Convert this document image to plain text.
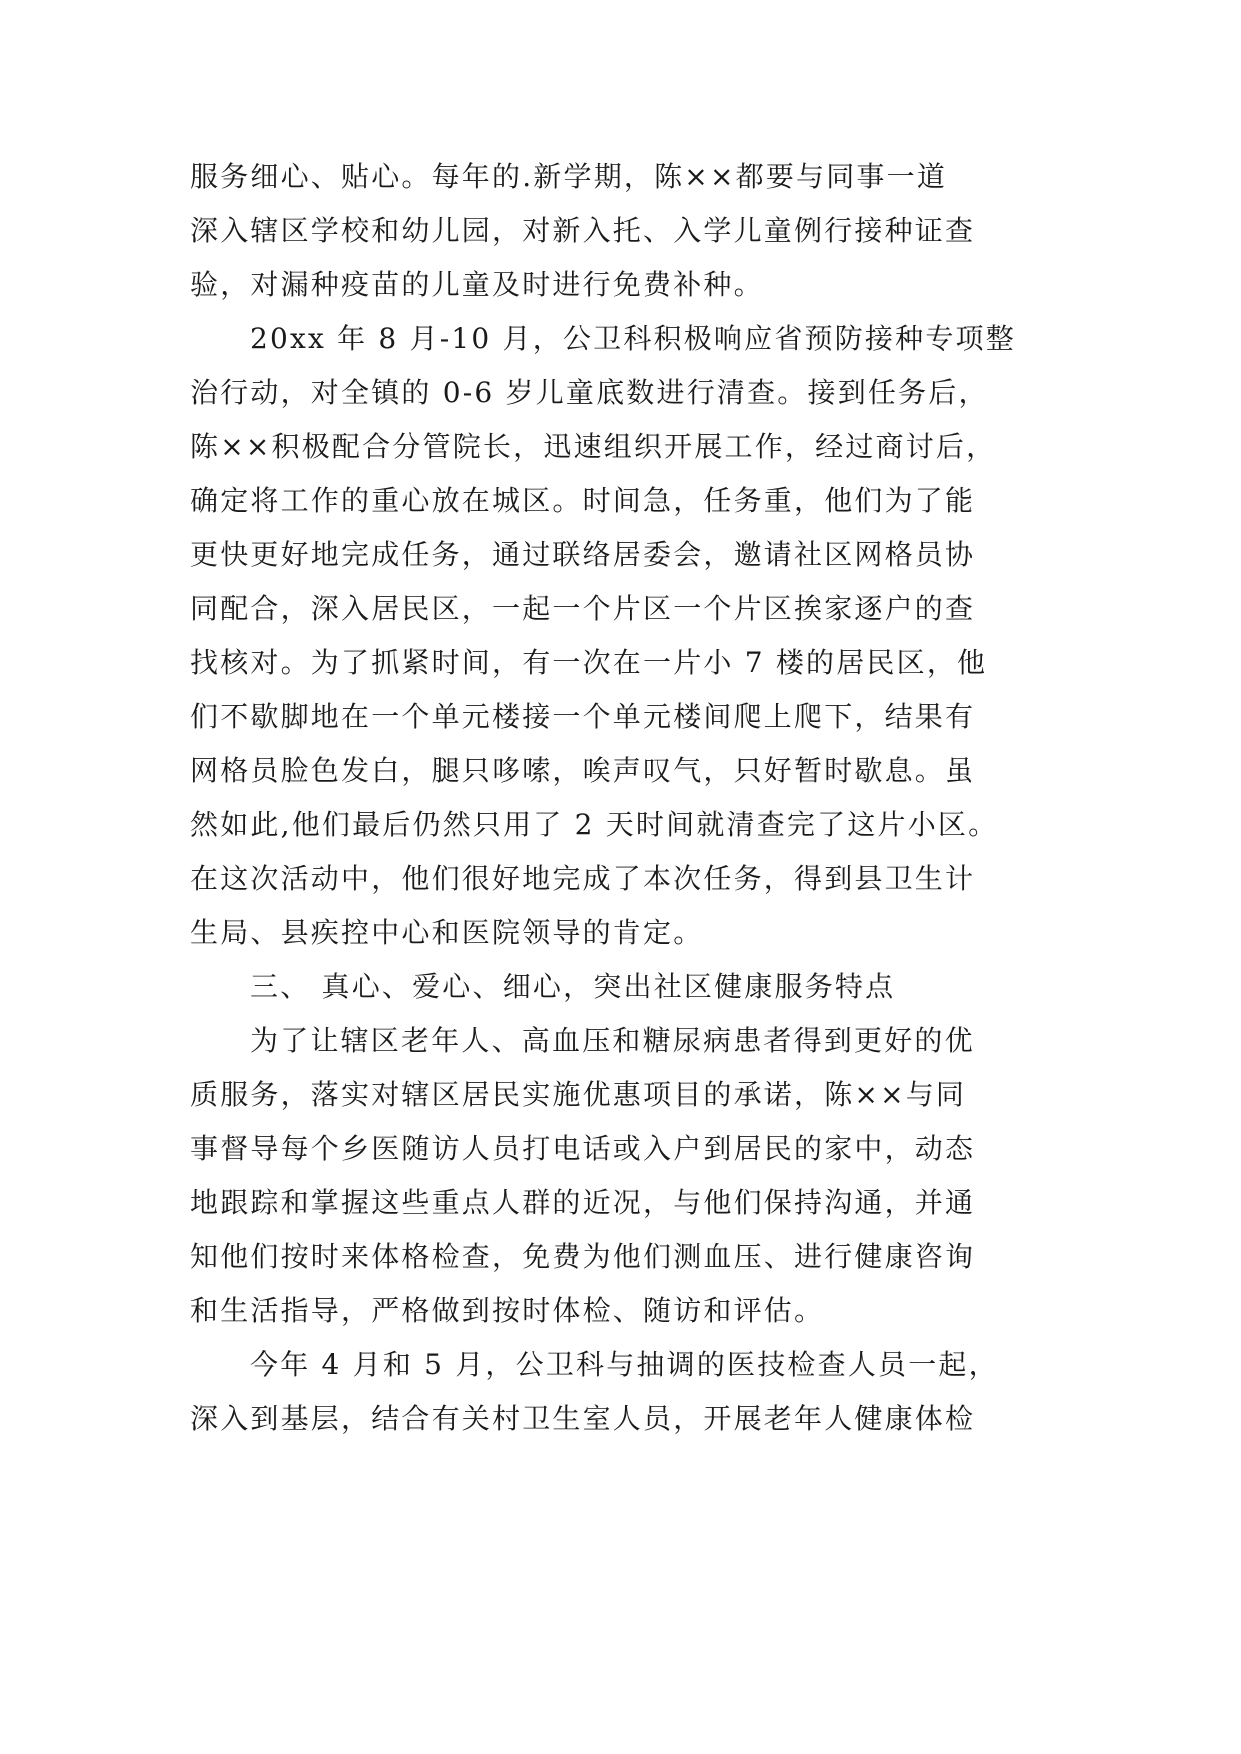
服务细心、贴心。每年的.新学期，陈××都要与同事一道
深入辖区学校和幼儿园，对新入托、入学儿童例行接种证查
验，对漏种疫苗的儿童及时进行免费补种。
20xx 年 8 月-10 月，公卫科积极响应省预防接种专项整
治行动，对全镇的 0-6 岁儿童底数进行清查。接到任务后，
陈××积极配合分管院长，迅速组织开展工作，经过商讨后，
确定将工作的重心放在城区。时间急，任务重，他们为了能
更快更好地完成任务，通过联络居委会，邀请社区网格员协
同配合，深入居民区，一起一个片区一个片区挨家逐户的查
找核对。为了抓紧时间，有一次在一片小 7 楼的居民区，他
们不歇脚地在一个单元楼接一个单元楼间爬上爬下，结果有
网格员脸色发白，腿只哆嗦，唉声叹气，只好暂时歇息。虽
然如此,他们最后仍然只用了 2 天时间就清查完了这片小区。
在这次活动中，他们很好地完成了本次任务，得到县卫生计
生局、县疾控中心和医院领导的肯定。
三、 真心、爱心、细心，突出社区健康服务特点
为了让辖区老年人、高血压和糖尿病患者得到更好的优
质服务，落实对辖区居民实施优惠项目的承诺，陈××与同
事督导每个乡医随访人员打电话或入户到居民的家中，动态
地跟踪和掌握这些重点人群的近况，与他们保持沟通，并通
知他们按时来体格检查，免费为他们测血压、进行健康咨询
和生活指导，严格做到按时体检、随访和评估。
今年 4 月和 5 月，公卫科与抽调的医技检查人员一起，
深入到基层，结合有关村卫生室人员，开展老年人健康体检
